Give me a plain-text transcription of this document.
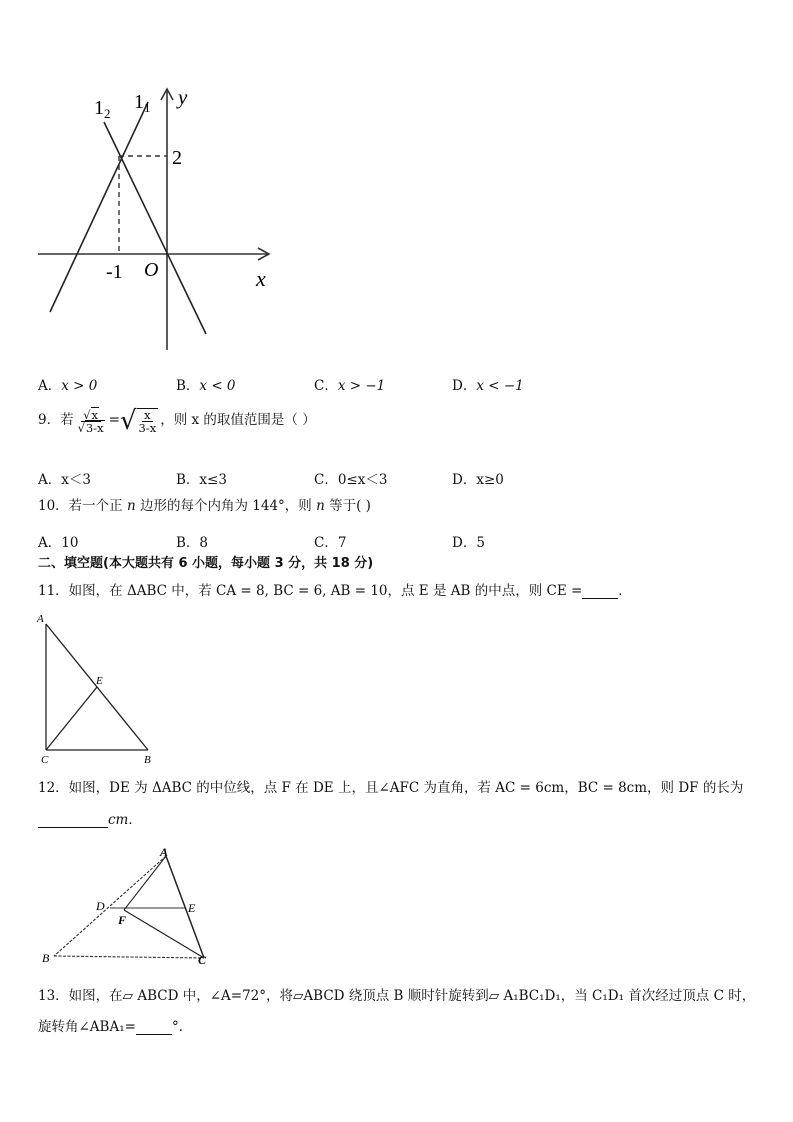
$1_2$
$1_1$ y
2
-1 O	x
A．x > 0	B．x < 0	C．x > −1	D．x < −1
9．若 $\frac{√x}{√3-x}$ = √ $\frac{x}{3-x}$ ，则 x 的取值范围是（ ）
A．x＜3	B．x≤3	C．0≤x＜3	D．x≥0
10．若一个正 n 边形的每个内角为 144°，则 n 等于( )
A．10	B．8	C．7	D．5
二、填空题(本大题共有 6 小题，每小题 3 分，共 18 分)
11．如图，在 ΔABC 中，若 CA = 8, BC = 6, AB = 10，点 E 是 AB 的中点，则 CE =	．
A
E
C	B
12．如图，DE 为 ΔABC 的中位线，点 F 在 DE 上，且∠AFC 为直角，若 AC = 6cm，BC = 8cm，则 DF 的长为
cm．
A
D
F
E
B	C
13．如图，在▱ ABCD 中，∠A=72°，将▱ABCD 绕顶点 B 顺时针旋转到▱ A₁BC₁D₁，当 C₁D₁ 首次经过顶点 C 时，
旋转角∠ABA₁=	°．
